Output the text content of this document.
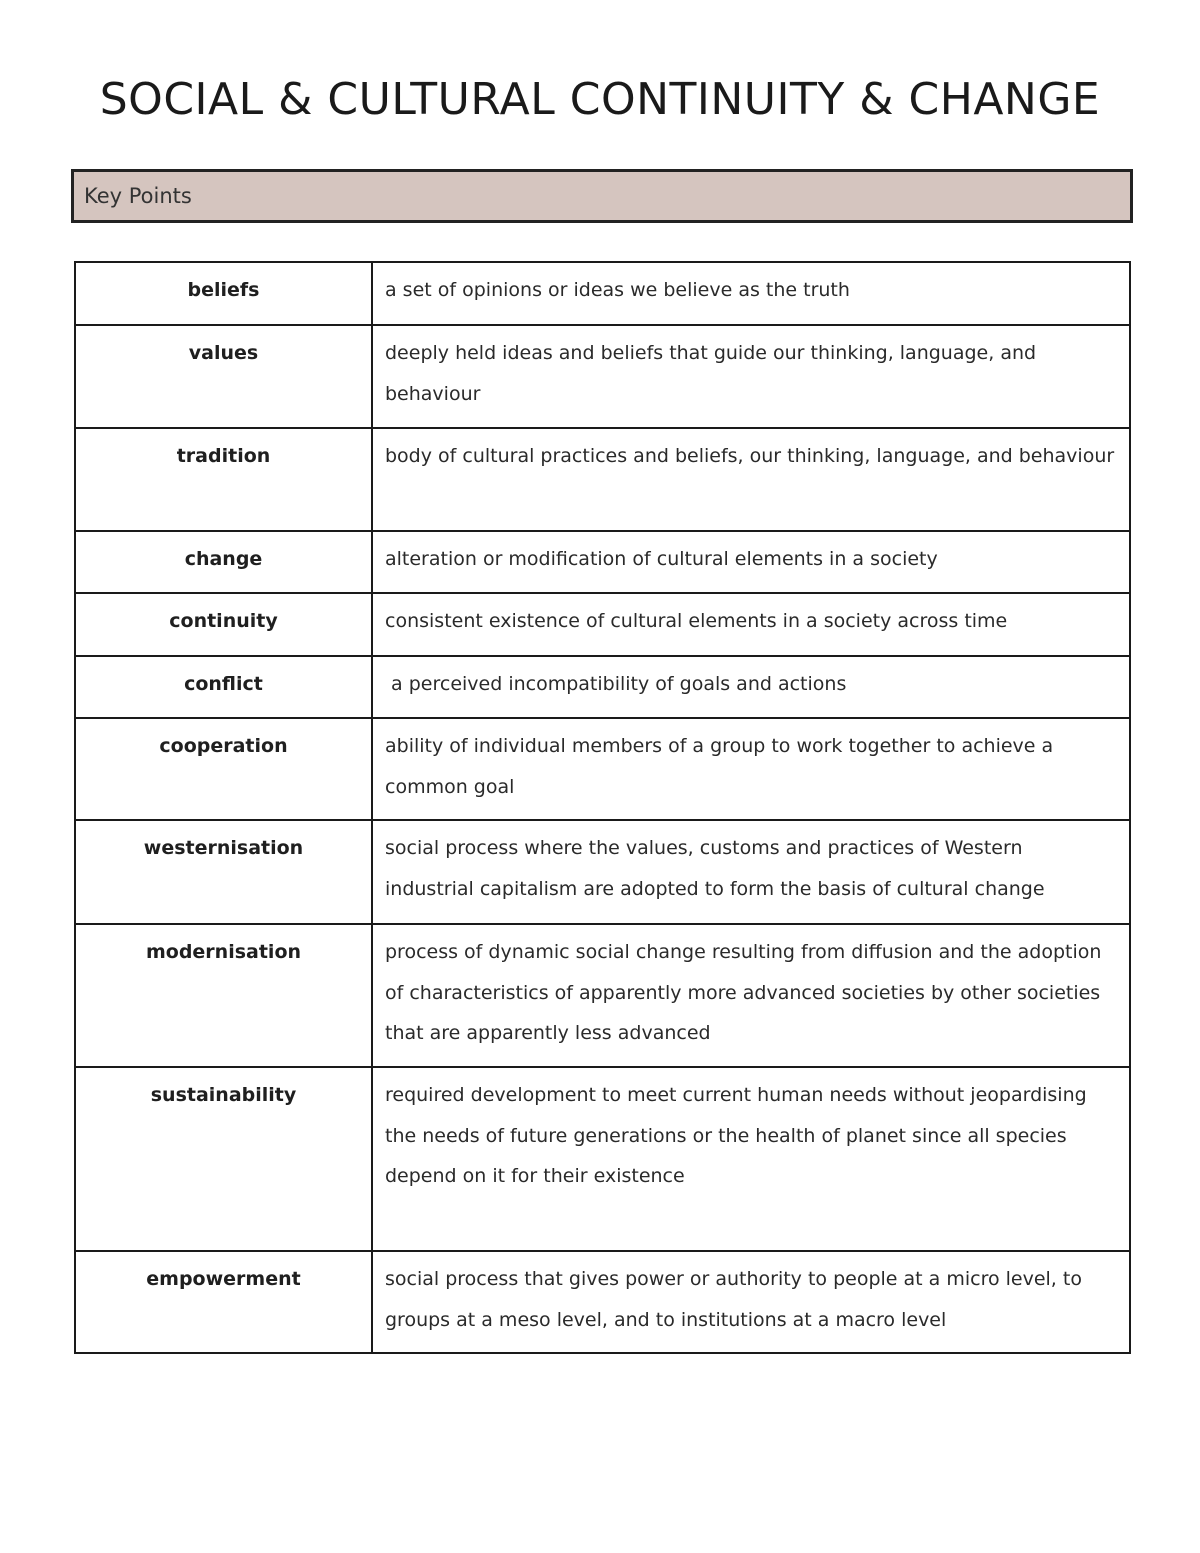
SOCIAL & CULTURAL CONTINUITY & CHANGE
Key Points
beliefs	a set of opinions or ideas we believe as the truth

values	deeply held ideas and beliefs that guide our thinking, language, and behaviour

tradition	body of cultural practices and beliefs, our thinking, language, and behaviour

change	alteration or modification of cultural elements in a society

continuity	consistent existence of cultural elements in a society across time

conflict	a perceived incompatibility of goals and actions

cooperation	ability of individual members of a group to work together to achieve a common goal

westernisation	social process where the values, customs and practices of Western industrial capitalism are adopted to form the basis of cultural change

modernisation	process of dynamic social change resulting from diffusion and the adoption of characteristics of apparently more advanced societies by other societies that are apparently less advanced

sustainability	required development to meet current human needs without jeopardising the needs of future generations or the health of planet since all species depend on it for their existence

empowerment	social process that gives power or authority to people at a micro level, to groups at a meso level, and to institutions at a macro level
